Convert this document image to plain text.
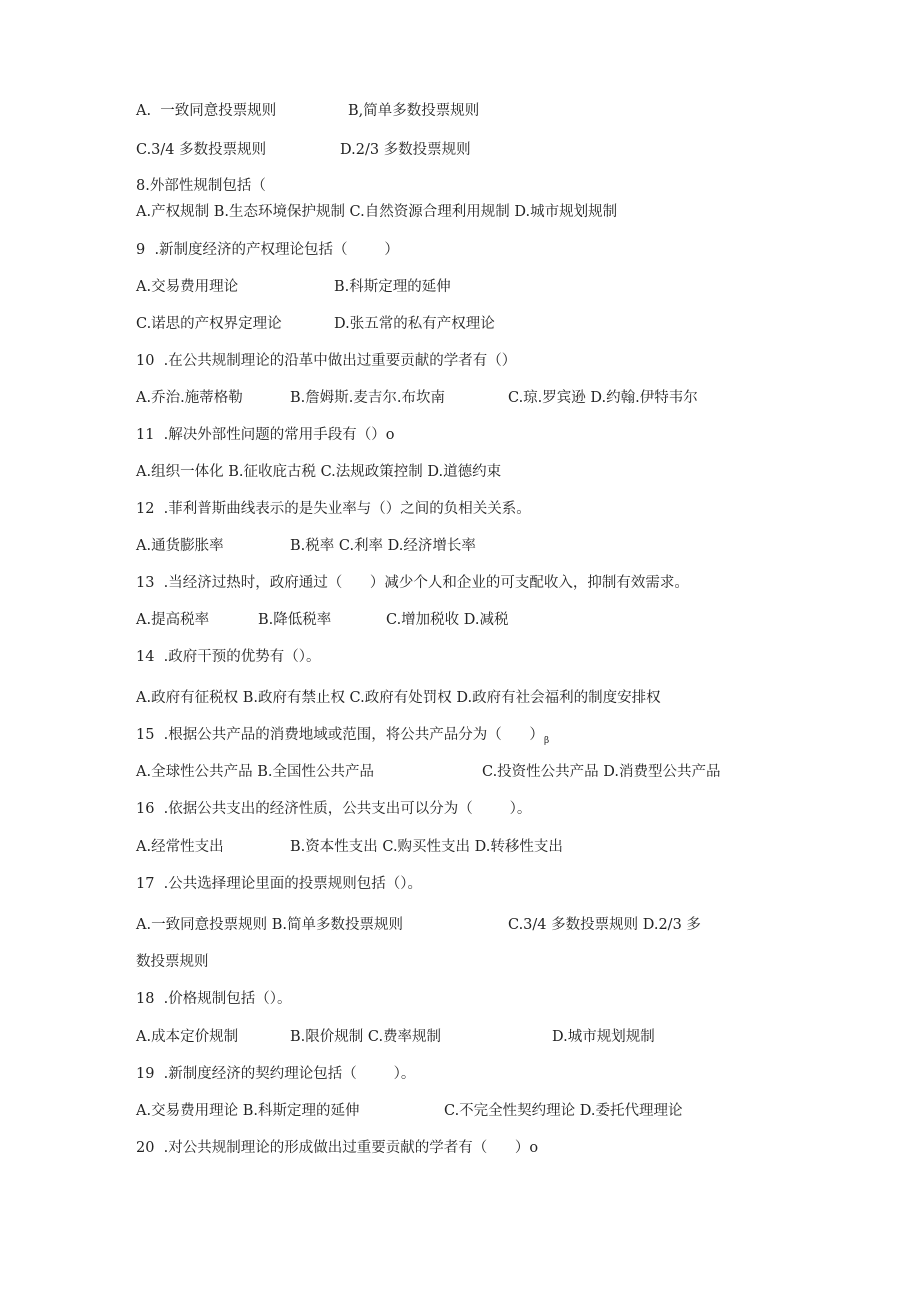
A.  一致同意投票规则

	B,简单多数投票规则

C.3/4 多数投票规则

	D.2/3 多数投票规则

8.外部性规制包括（

A.产权规制 B.生态环境保护规制 C.自然资源合理利用规制 D.城市规划规制

9  .新制度经济的产权理论包括（        ）

A.交易费用理论

	B.科斯定理的延伸

C.诺思的产权界定理论

	D.张五常的私有产权理论

10  .在公共规制理论的沿革中做出过重要贡献的学者有（）

A.乔治.施蒂格勒

	B.詹姆斯.麦吉尔.布坎南

	C.琼.罗宾逊 D.约翰.伊特韦尔

11  .解决外部性问题的常用手段有（）o

A.组织一体化 B.征收庇古税 C.法规政策控制 D.道德约束

12  .菲利普斯曲线表示的是失业率与（）之间的负相关关系。

A.通货膨胀率

	B.税率 C.利率 D.经济增长率

13  .当经济过热时，政府通过（      ）减少个人和企业的可支配收入，抑制有效需求。

A.提高税率

	B.降低税率

	C.增加税收 D.减税

14  .政府干预的优势有（）。

A.政府有征税权 B.政府有禁止权 C.政府有处罚权 D.政府有社会福利的制度安排权

15  .根据公共产品的消费地域或范围，将公共产品分为（      ）$_\beta$

A.全球性公共产品 B.全国性公共产品

	C.投资性公共产品 D.消费型公共产品

16  .依据公共支出的经济性质，公共支出可以分为（        ）。

A.经常性支出

	B.资本性支出 C.购买性支出 D.转移性支出

17  .公共选择理论里面的投票规则包括（）。

A.一致同意投票规则 B.简单多数投票规则

	C.3/4 多数投票规则 D.2/3 多

数投票规则

18  .价格规制包括（）。

A.成本定价规制

	B.限价规制 C.费率规制

	D.城市规划规制

19  .新制度经济的契约理论包括（        ）。

A.交易费用理论 B.科斯定理的延伸

	C.不完全性契约理论 D.委托代理理论

20  .对公共规制理论的形成做出过重要贡献的学者有（      ）o
